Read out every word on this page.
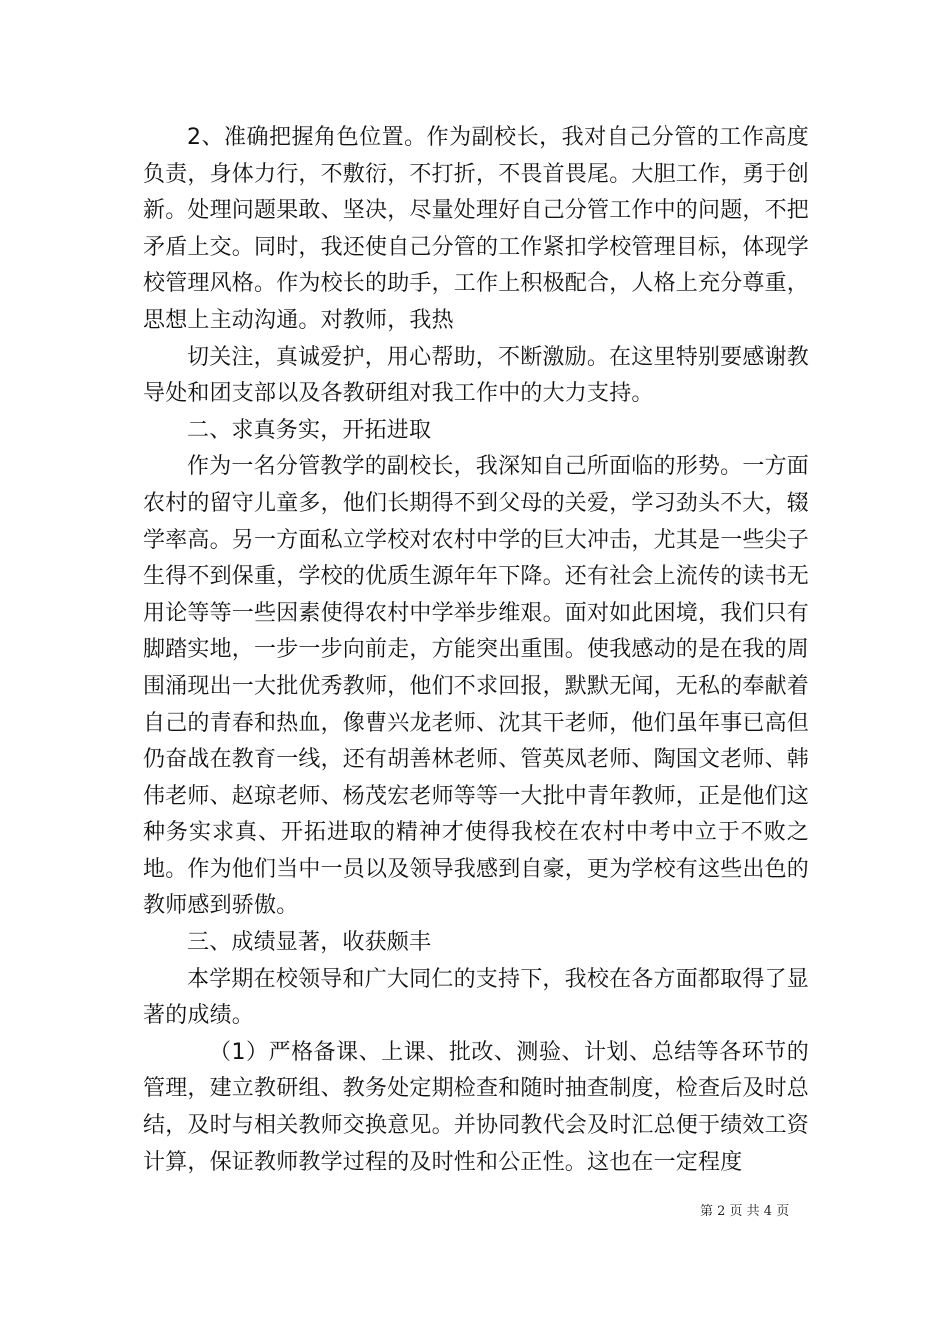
2、准确把握角色位置。作为副校长，我对自己分管的工作高度负责，身体力行，不敷衍，不打折，不畏首畏尾。大胆工作，勇于创新。处理问题果敢、坚决，尽量处理好自己分管工作中的问题，不把矛盾上交。同时，我还使自己分管的工作紧扣学校管理目标，体现学校管理风格。作为校长的助手，工作上积极配合，人格上充分尊重，思想上主动沟通。对教师，我热

切关注，真诚爱护，用心帮助，不断激励。在这里特别要感谢教导处和团支部以及各教研组对我工作中的大力支持。

二、求真务实，开拓进取

作为一名分管教学的副校长，我深知自己所面临的形势。一方面农村的留守儿童多，他们长期得不到父母的关爱，学习劲头不大，辍学率高。另一方面私立学校对农村中学的巨大冲击，尤其是一些尖子生得不到保重，学校的优质生源年年下降。还有社会上流传的读书无用论等等一些因素使得农村中学举步维艰。面对如此困境，我们只有脚踏实地，一步一步向前走，方能突出重围。使我感动的是在我的周围涌现出一大批优秀教师，他们不求回报，默默无闻，无私的奉献着自己的青春和热血，像曹兴龙老师、沈其干老师，他们虽年事已高但仍奋战在教育一线，还有胡善林老师、管英凤老师、陶国文老师、韩伟老师、赵琼老师、杨茂宏老师等等一大批中青年教师，正是他们这种务实求真、开拓进取的精神才使得我校在农村中考中立于不败之地。作为他们当中一员以及领导我感到自豪，更为学校有这些出色的教师感到骄傲。

三、成绩显著，收获颇丰

本学期在校领导和广大同仁的支持下，我校在各方面都取得了显著的成绩。

（1）严格备课、上课、批改、测验、计划、总结等各环节的管理，建立教研组、教务处定期检查和随时抽查制度，检查后及时总结，及时与相关教师交换意见。并协同教代会及时汇总便于绩效工资计算，保证教师教学过程的及时性和公正性。这也在一定程度

第 2 页 共 4 页
